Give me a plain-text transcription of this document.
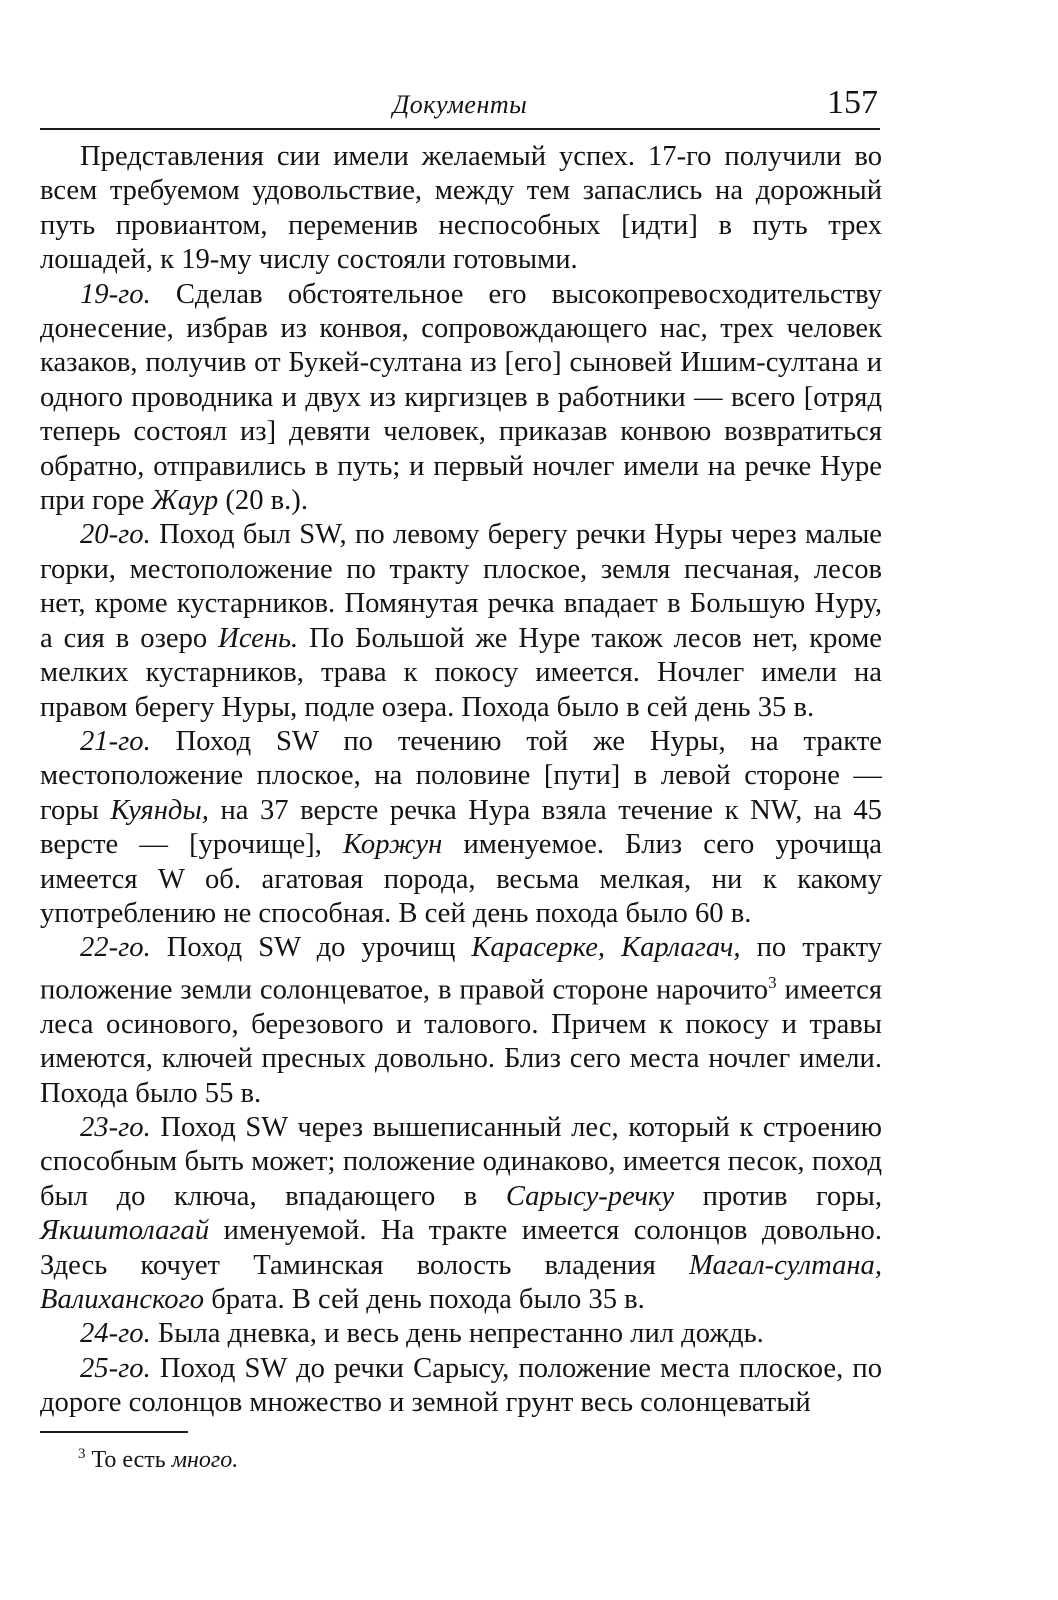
Документы	157

Представления сии имели желаемый успех. 17-го получили во всем требуемом удовольствие, между тем запаслись на дорожный путь провиантом, переменив неспособных [идти] в путь трех лошадей, к 19-му числу состояли готовыми.

19-го. Сделав обстоятельное его высокопревосходительству донесение, избрав из конвоя, сопровождающего нас, трех человек казаков, получив от Букей-султана из [его] сыновей Ишим-султана и одного проводника и двух из киргизцев в работники — всего [отряд теперь состоял из] девяти человек, приказав конвою возвратиться обратно, отправились в путь; и первый ночлег имели на речке Нуре при горе Жаур (20 в.).

20-го. Поход был SW, по левому берегу речки Нуры через малые горки, местоположение по тракту плоское, земля песчаная, лесов нет, кроме кустарников. Помянутая речка впадает в Большую Нуру, а сия в озеро Исень. По Большой же Нуре також лесов нет, кроме мелких кустарников, трава к покосу имеется. Ночлег имели на правом берегу Нуры, подле озера. Похода было в сей день 35 в.

21-го. Поход SW по течению той же Нуры, на тракте местоположение плоское, на половине [пути] в левой стороне — горы Куянды, на 37 версте речка Нура взяла течение к NW, на 45 версте — [урочище], Коржун именуемое. Близ сего урочища имеется W об. агатовая порода, весьма мелкая, ни к какому употреблению не способная. В сей день похода было 60 в.

22-го. Поход SW до урочищ Карасерке, Карлагач, по тракту положение земли солонцеватое, в правой стороне нарочито$^3$ имеется леса осинового, березового и талового. Причем к покосу и травы имеются, ключей пресных довольно. Близ сего места ночлег имели. Похода было 55 в.

23-го. Поход SW через вышеписанный лес, который к строению способным быть может; положение одинаково, имеется песок, поход был до ключа, впадающего в Сарысу-речку против горы, Якшитолагай именуемой. На тракте имеется солонцов довольно. Здесь кочует Таминская волость владения Магал-султана, Валиханского брата. В сей день похода было 35 в.

24-го. Была дневка, и весь день непрестанно лил дождь.

25-го. Поход SW до речки Сарысу, положение места плоское, по дороге солонцов множество и земной грунт весь солонцеватый

$^3$ То есть много.
